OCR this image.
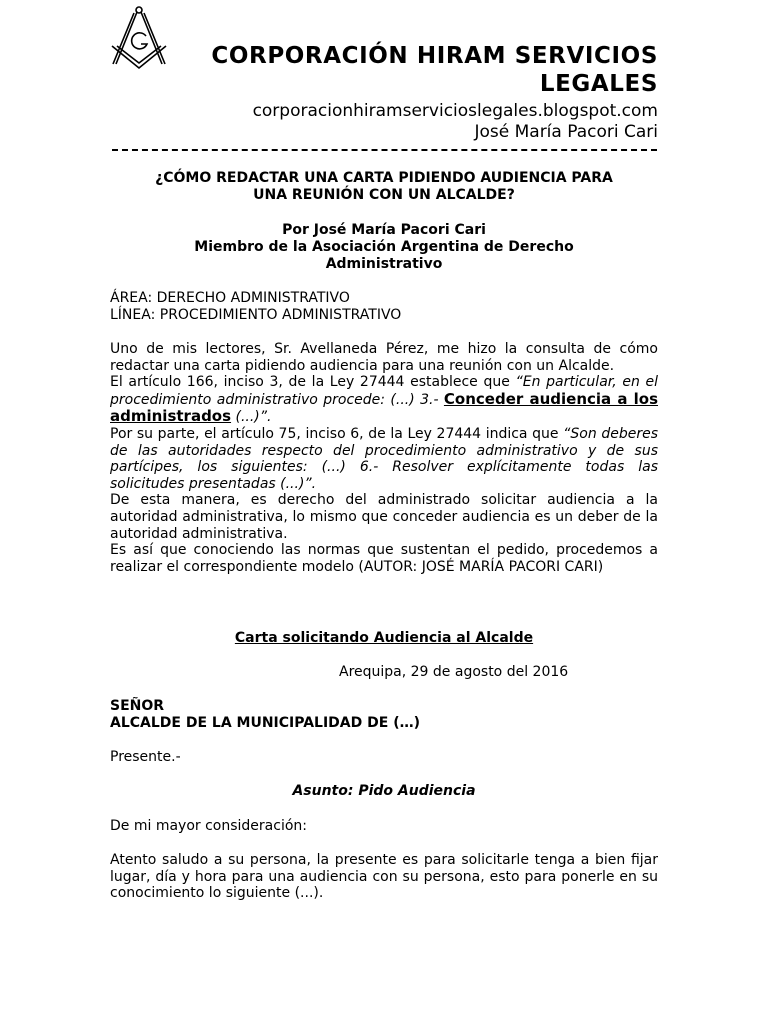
CORPORACIÓN HIRAM SERVICIOS
LEGALES
corporacionhiramservicioslegales.blogspot.com
José María Pacori Cari
¿CÓMO REDACTAR UNA CARTA PIDIENDO AUDIENCIA PARA
UNA REUNIÓN CON UN ALCALDE?
Por José María Pacori Cari
Miembro de la Asociación Argentina de Derecho
Administrativo
ÁREA: DERECHO ADMINISTRATIVO
LÍNEA: PROCEDIMIENTO ADMINISTRATIVO

Uno de mis lectores, Sr. Avellaneda Pérez, me hizo la consulta de cómo redactar una carta pidiendo audiencia para una reunión con un Alcalde.

El artículo 166, inciso 3, de la Ley 27444 establece que “En particular, en el procedimiento administrativo procede: (...) 3.- Conceder audiencia a los administrados (...)”.

Por su parte, el artículo 75, inciso 6, de la Ley 27444 indica que “Son deberes de las autoridades respecto del procedimiento administrativo y de sus partícipes, los siguientes: (...) 6.- Resolver explícitamente todas las solicitudes presentadas (...)”.

De esta manera, es derecho del administrado solicitar audiencia a la autoridad administrativa, lo mismo que conceder audiencia es un deber de la autoridad administrativa.

Es así que conociendo las normas que sustentan el pedido, procedemos a realizar el correspondiente modelo (AUTOR: JOSÉ MARÍA PACORI CARI)

Carta solicitando Audiencia al Alcalde
Arequipa, 29 de agosto del 2016
SEÑOR
ALCALDE DE LA MUNICIPALIDAD DE (…)
Presente.-
Asunto: Pido Audiencia
De mi mayor consideración:

Atento saludo a su persona, la presente es para solicitarle tenga a bien fijar lugar, día y hora para una audiencia con su persona, esto para ponerle en su conocimiento lo siguiente (...).
